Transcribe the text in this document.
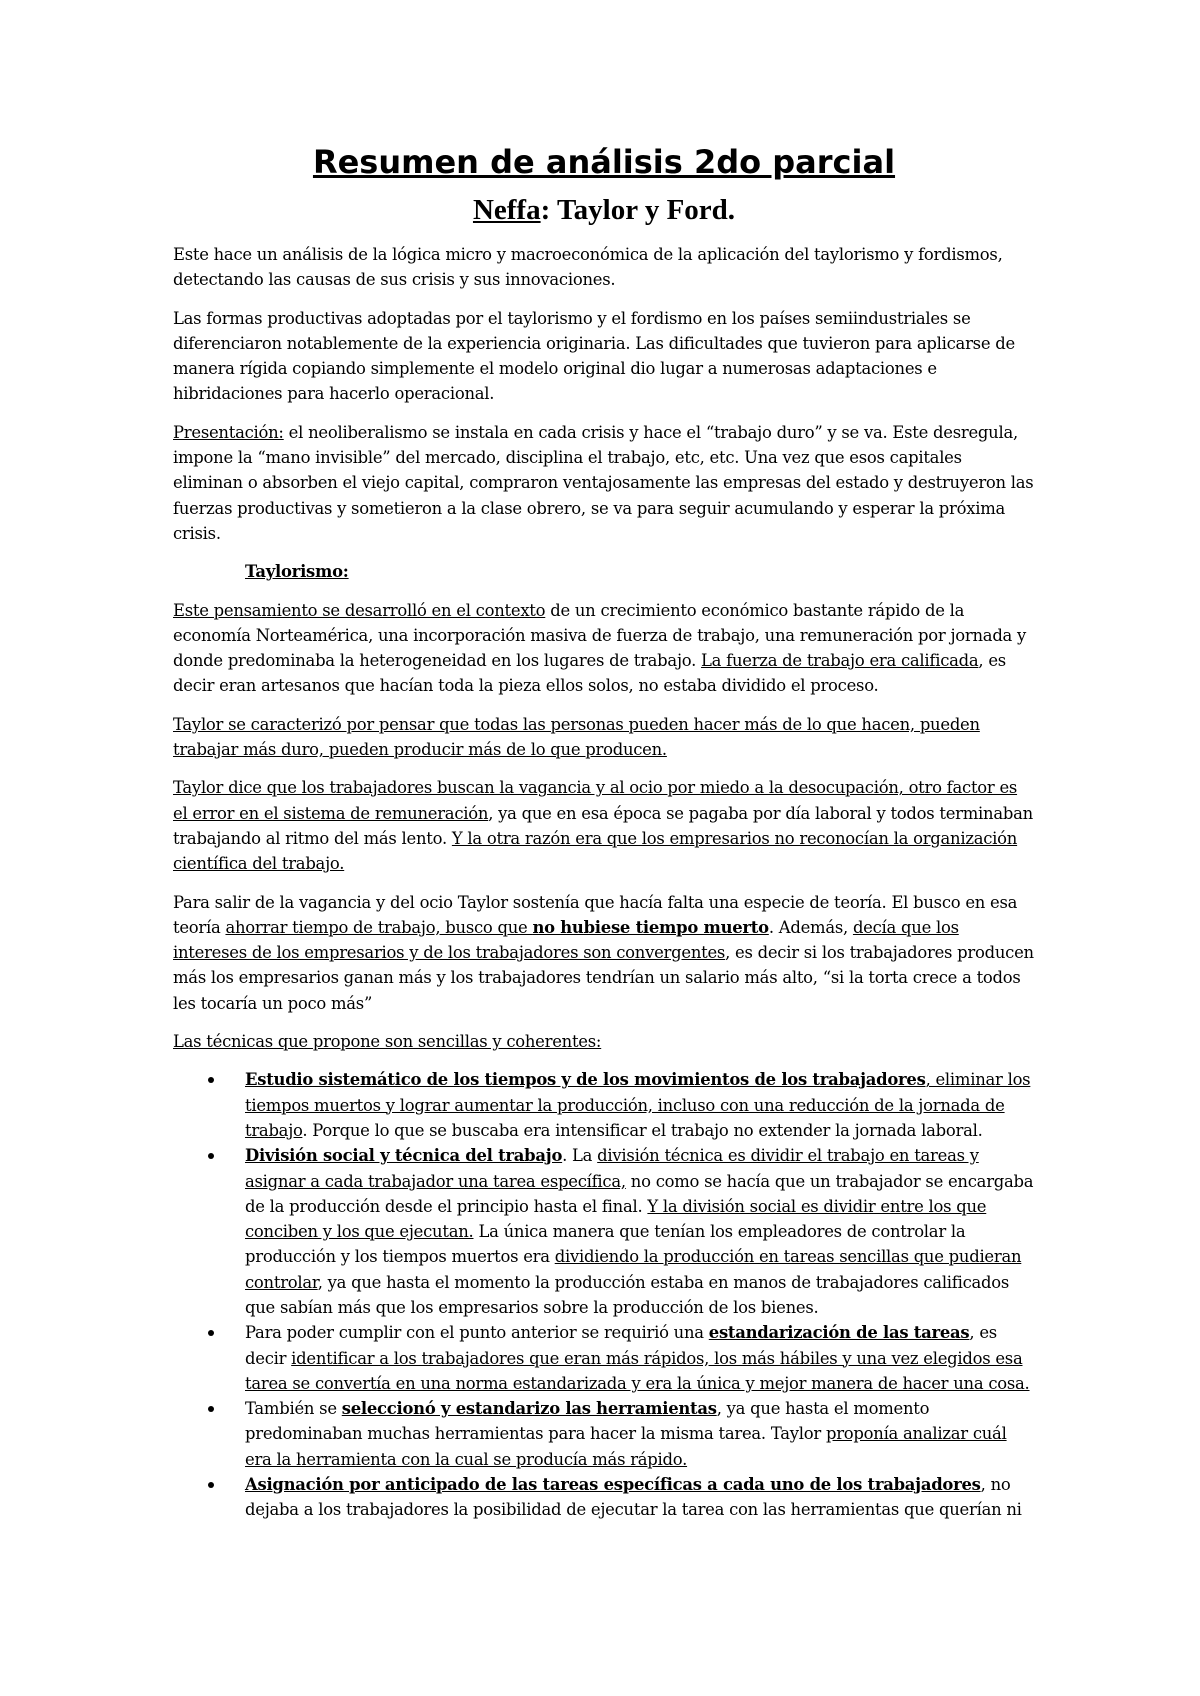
Resumen de análisis 2do parcial
Neffa: Taylor y Ford.

Este hace un análisis de la lógica micro y macroeconómica de la aplicación del taylorismo y fordismos, detectando las causas de sus crisis y sus innovaciones.

Las formas productivas adoptadas por el taylorismo y el fordismo en los países semiindustriales se diferenciaron notablemente de la experiencia originaria. Las dificultades que tuvieron para aplicarse de manera rígida copiando simplemente el modelo original dio lugar a numerosas adaptaciones e hibridaciones para hacerlo operacional.

Presentación: el neoliberalismo se instala en cada crisis y hace el “trabajo duro” y se va. Este desregula, impone la “mano invisible” del mercado, disciplina el trabajo, etc, etc. Una vez que esos capitales eliminan o absorben el viejo capital, compraron ventajosamente las empresas del estado y destruyeron las fuerzas productivas y sometieron a la clase obrero, se va para seguir acumulando y esperar la próxima crisis.

Taylorismo:

Este pensamiento se desarrolló en el contexto de un crecimiento económico bastante rápido de la economía Norteamérica, una incorporación masiva de fuerza de trabajo, una remuneración por jornada y donde predominaba la heterogeneidad en los lugares de trabajo. La fuerza de trabajo era calificada, es decir eran artesanos que hacían toda la pieza ellos solos, no estaba dividido el proceso.

Taylor se caracterizó por pensar que todas las personas pueden hacer más de lo que hacen, pueden trabajar más duro, pueden producir más de lo que producen.

Taylor dice que los trabajadores buscan la vagancia y al ocio por miedo a la desocupación, otro factor es el error en el sistema de remuneración, ya que en esa época se pagaba por día laboral y todos terminaban trabajando al ritmo del más lento. Y la otra razón era que los empresarios no reconocían la organización científica del trabajo.

Para salir de la vagancia y del ocio Taylor sostenía que hacía falta una especie de teoría. El busco en esa teoría ahorrar tiempo de trabajo, busco que no hubiese tiempo muerto. Además, decía que los intereses de los empresarios y de los trabajadores son convergentes, es decir si los trabajadores producen más los empresarios ganan más y los trabajadores tendrían un salario más alto, “si la torta crece a todos les tocaría un poco más”

Las técnicas que propone son sencillas y coherentes:

Estudio sistemático de los tiempos y de los movimientos de los trabajadores, eliminar los tiempos muertos y lograr aumentar la producción, incluso con una reducción de la jornada de trabajo. Porque lo que se buscaba era intensificar el trabajo no extender la jornada laboral.
División social y técnica del trabajo. La división técnica es dividir el trabajo en tareas y asignar a cada trabajador una tarea específica, no como se hacía que un trabajador se encargaba de la producción desde el principio hasta el final. Y la división social es dividir entre los que conciben y los que ejecutan. La única manera que tenían los empleadores de controlar la producción y los tiempos muertos era dividiendo la producción en tareas sencillas que pudieran controlar, ya que hasta el momento la producción estaba en manos de trabajadores calificados que sabían más que los empresarios sobre la producción de los bienes.
Para poder cumplir con el punto anterior se requirió una estandarización de las tareas, es decir identificar a los trabajadores que eran más rápidos, los más hábiles y una vez elegidos esa tarea se convertía en una norma estandarizada y era la única y mejor manera de hacer una cosa.
También se seleccionó y estandarizo las herramientas, ya que hasta el momento predominaban muchas herramientas para hacer la misma tarea. Taylor proponía analizar cuál era la herramienta con la cual se producía más rápido.
Asignación por anticipado de las tareas específicas a cada uno de los trabajadores, no dejaba a los trabajadores la posibilidad de ejecutar la tarea con las herramientas que querían ni
